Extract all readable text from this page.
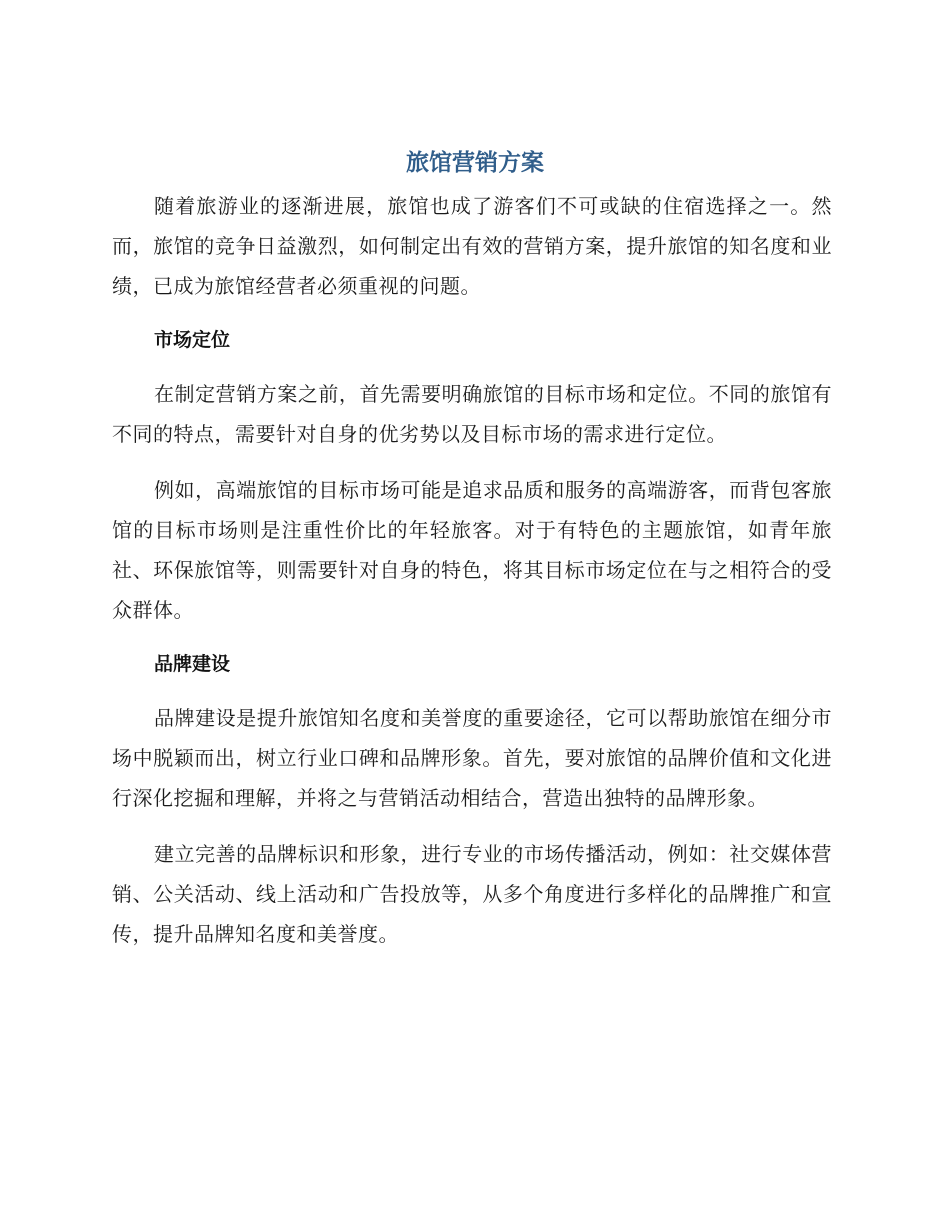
旅馆营销方案

随着旅游业的逐渐进展，旅馆也成了游客们不可或缺的住宿选择之一。然而，旅馆的竞争日益激烈，如何制定出有效的营销方案，提升旅馆的知名度和业绩，已成为旅馆经营者必须重视的问题。

市场定位

在制定营销方案之前，首先需要明确旅馆的目标市场和定位。不同的旅馆有不同的特点，需要针对自身的优劣势以及目标市场的需求进行定位。

例如，高端旅馆的目标市场可能是追求品质和服务的高端游客，而背包客旅馆的目标市场则是注重性价比的年轻旅客。对于有特色的主题旅馆，如青年旅社、环保旅馆等，则需要针对自身的特色，将其目标市场定位在与之相符合的受众群体。

品牌建设

品牌建设是提升旅馆知名度和美誉度的重要途径，它可以帮助旅馆在细分市场中脱颖而出，树立行业口碑和品牌形象。首先，要对旅馆的品牌价值和文化进行深化挖掘和理解，并将之与营销活动相结合，营造出独特的品牌形象。

建立完善的品牌标识和形象，进行专业的市场传播活动，例如：社交媒体营销、公关活动、线上活动和广告投放等，从多个角度进行多样化的品牌推广和宣传，提升品牌知名度和美誉度。
